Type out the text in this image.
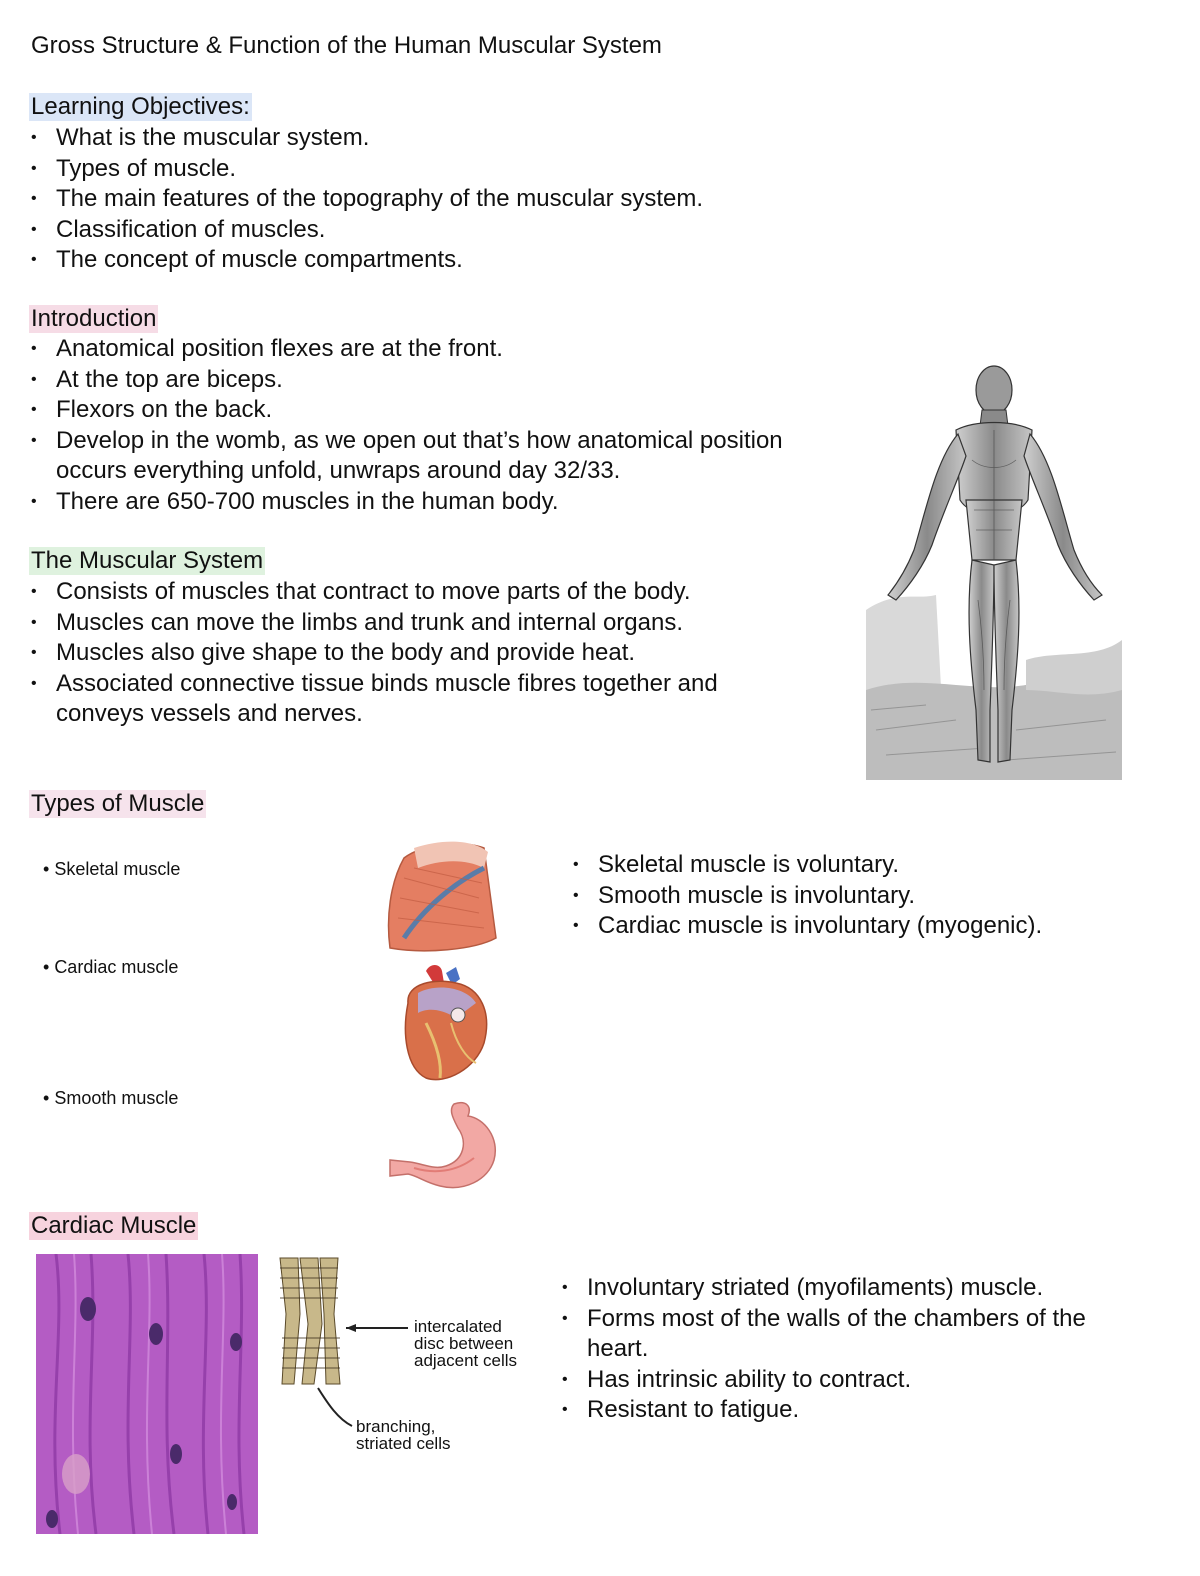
Gross Structure & Function of the Human Muscular System
Learning Objectives:
• What is the muscular system.
• Types of muscle.
• The main features of the topography of the muscular system.
• Classification of muscles.
• The concept of muscle compartments.
Introduction
• Anatomical position flexes are at the front.
• At the top are biceps.
• Flexors on the back.
• Develop in the womb, as we open out that’s how anatomical position occurs everything unfold, unwraps around day 32/33.
• There are 650-700 muscles in the human body.
The Muscular System
• Consists of muscles that contract to move parts of the body.
• Muscles can move the limbs and trunk and internal organs.
• Muscles also give shape to the body and provide heat.
• Associated connective tissue binds muscle fibres together and conveys vessels and nerves.
Types of Muscle
• Skeletal muscle
• Cardiac muscle
• Smooth muscle
• Skeletal muscle is voluntary.
• Smooth muscle is involuntary.
• Cardiac muscle is involuntary (myogenic).
Cardiac Muscle
intercalated
disc between
adjacent cells
branching,
striated cells
• Involuntary striated (myofilaments) muscle.
• Forms most of the walls of the chambers of the heart.
• Has intrinsic ability to contract.
• Resistant to fatigue.
